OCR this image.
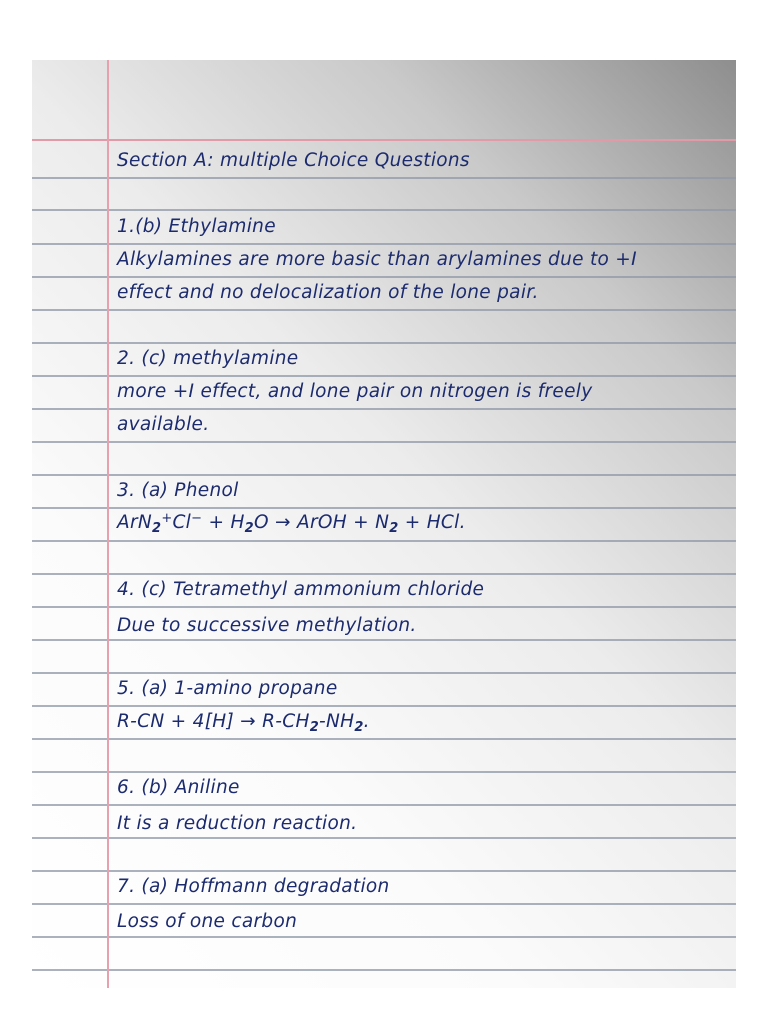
Section A: multiple Choice Questions
1.(b) Ethylamine
Alkylamines are more basic than arylamines due to +I
effect and no delocalization of the lone pair.
2. (c) methylamine
more +I effect, and lone pair on nitrogen is freely
available.
3. (a) Phenol
$ArN_2^+Cl^- + H_2O$ → ArOH + $N_2$ + HCl.
4. (c) Tetramethyl ammonium chloride
Due to successive methylation.
5. (a) 1-amino propane
$R-CN + 4[H] \to R-CH_2-NH_2$.
6. (b) Aniline
It is a reduction reaction.
7. (a) Hoffmann degradation
Loss of one carbon
